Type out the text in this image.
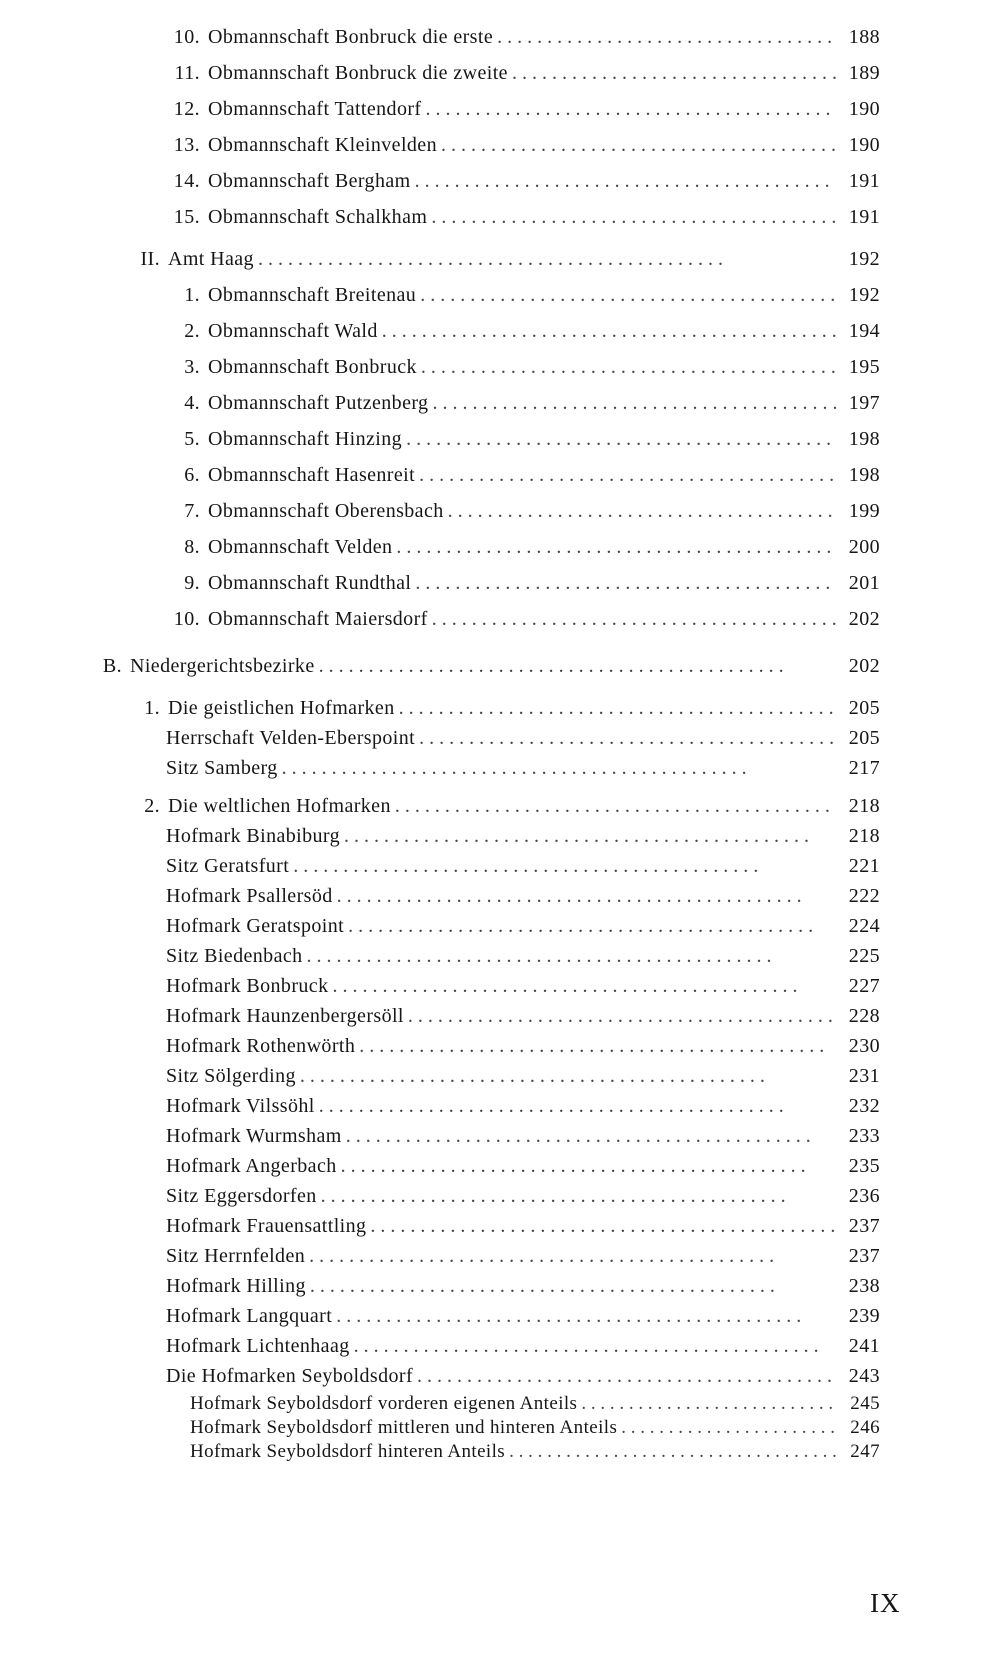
10. Obmannschaft Bonbruck die erste . .	188
11. Obmannschaft Bonbruck die zweite . .	189
12. Obmannschaft Tattendorf . .	190
13. Obmannschaft Kleinvelden . .	190
14. Obmannschaft Bergham . .	191
15. Obmannschaft Schalkham . .	191
II. Amt Haag . .	192
1. Obmannschaft Breitenau . .	192
2. Obmannschaft Wald . .	194
3. Obmannschaft Bonbruck . .	195
4. Obmannschaft Putzenberg . .	197
5. Obmannschaft Hinzing . .	198
6. Obmannschaft Hasenreit . .	198
7. Obmannschaft Oberensbach . .	199
8. Obmannschaft Velden . .	200
9. Obmannschaft Rundthal . .	201
10. Obmannschaft Maiersdorf . .	202
B. Niedergerichtsbezirke . .	202
1. Die geistlichen Hofmarken . .	205
Herrschaft Velden-Eberspoint . .	205
Sitz Samberg . .	217
2. Die weltlichen Hofmarken . .	218
Hofmark Binabiburg . .	218
Sitz Geratsfurt . .	221
Hofmark Psallersöd . .	222
Hofmark Geratspoint . .	224
Sitz Biedenbach . .	225
Hofmark Bonbruck . .	227
Hofmark Haunzenbergersöll . .	228
Hofmark Rothenwörth . .	230
Sitz Sölgerding . .	231
Hofmark Vilssöhl . .	232
Hofmark Wurmsham . .	233
Hofmark Angerbach . .	235
Sitz Eggersdorfen . .	236
Hofmark Frauensattling . .	237
Sitz Herrnfelden . .	237
Hofmark Hilling . .	238
Hofmark Langquart . .	239
Hofmark Lichtenhaag . .	241
Die Hofmarken Seyboldsdorf . .	243
Hofmark Seyboldsdorf vorderen eigenen Anteils . .	245
Hofmark Seyboldsdorf mittleren und hinteren Anteils . .	246
Hofmark Seyboldsdorf hinteren Anteils . .	247
IX
